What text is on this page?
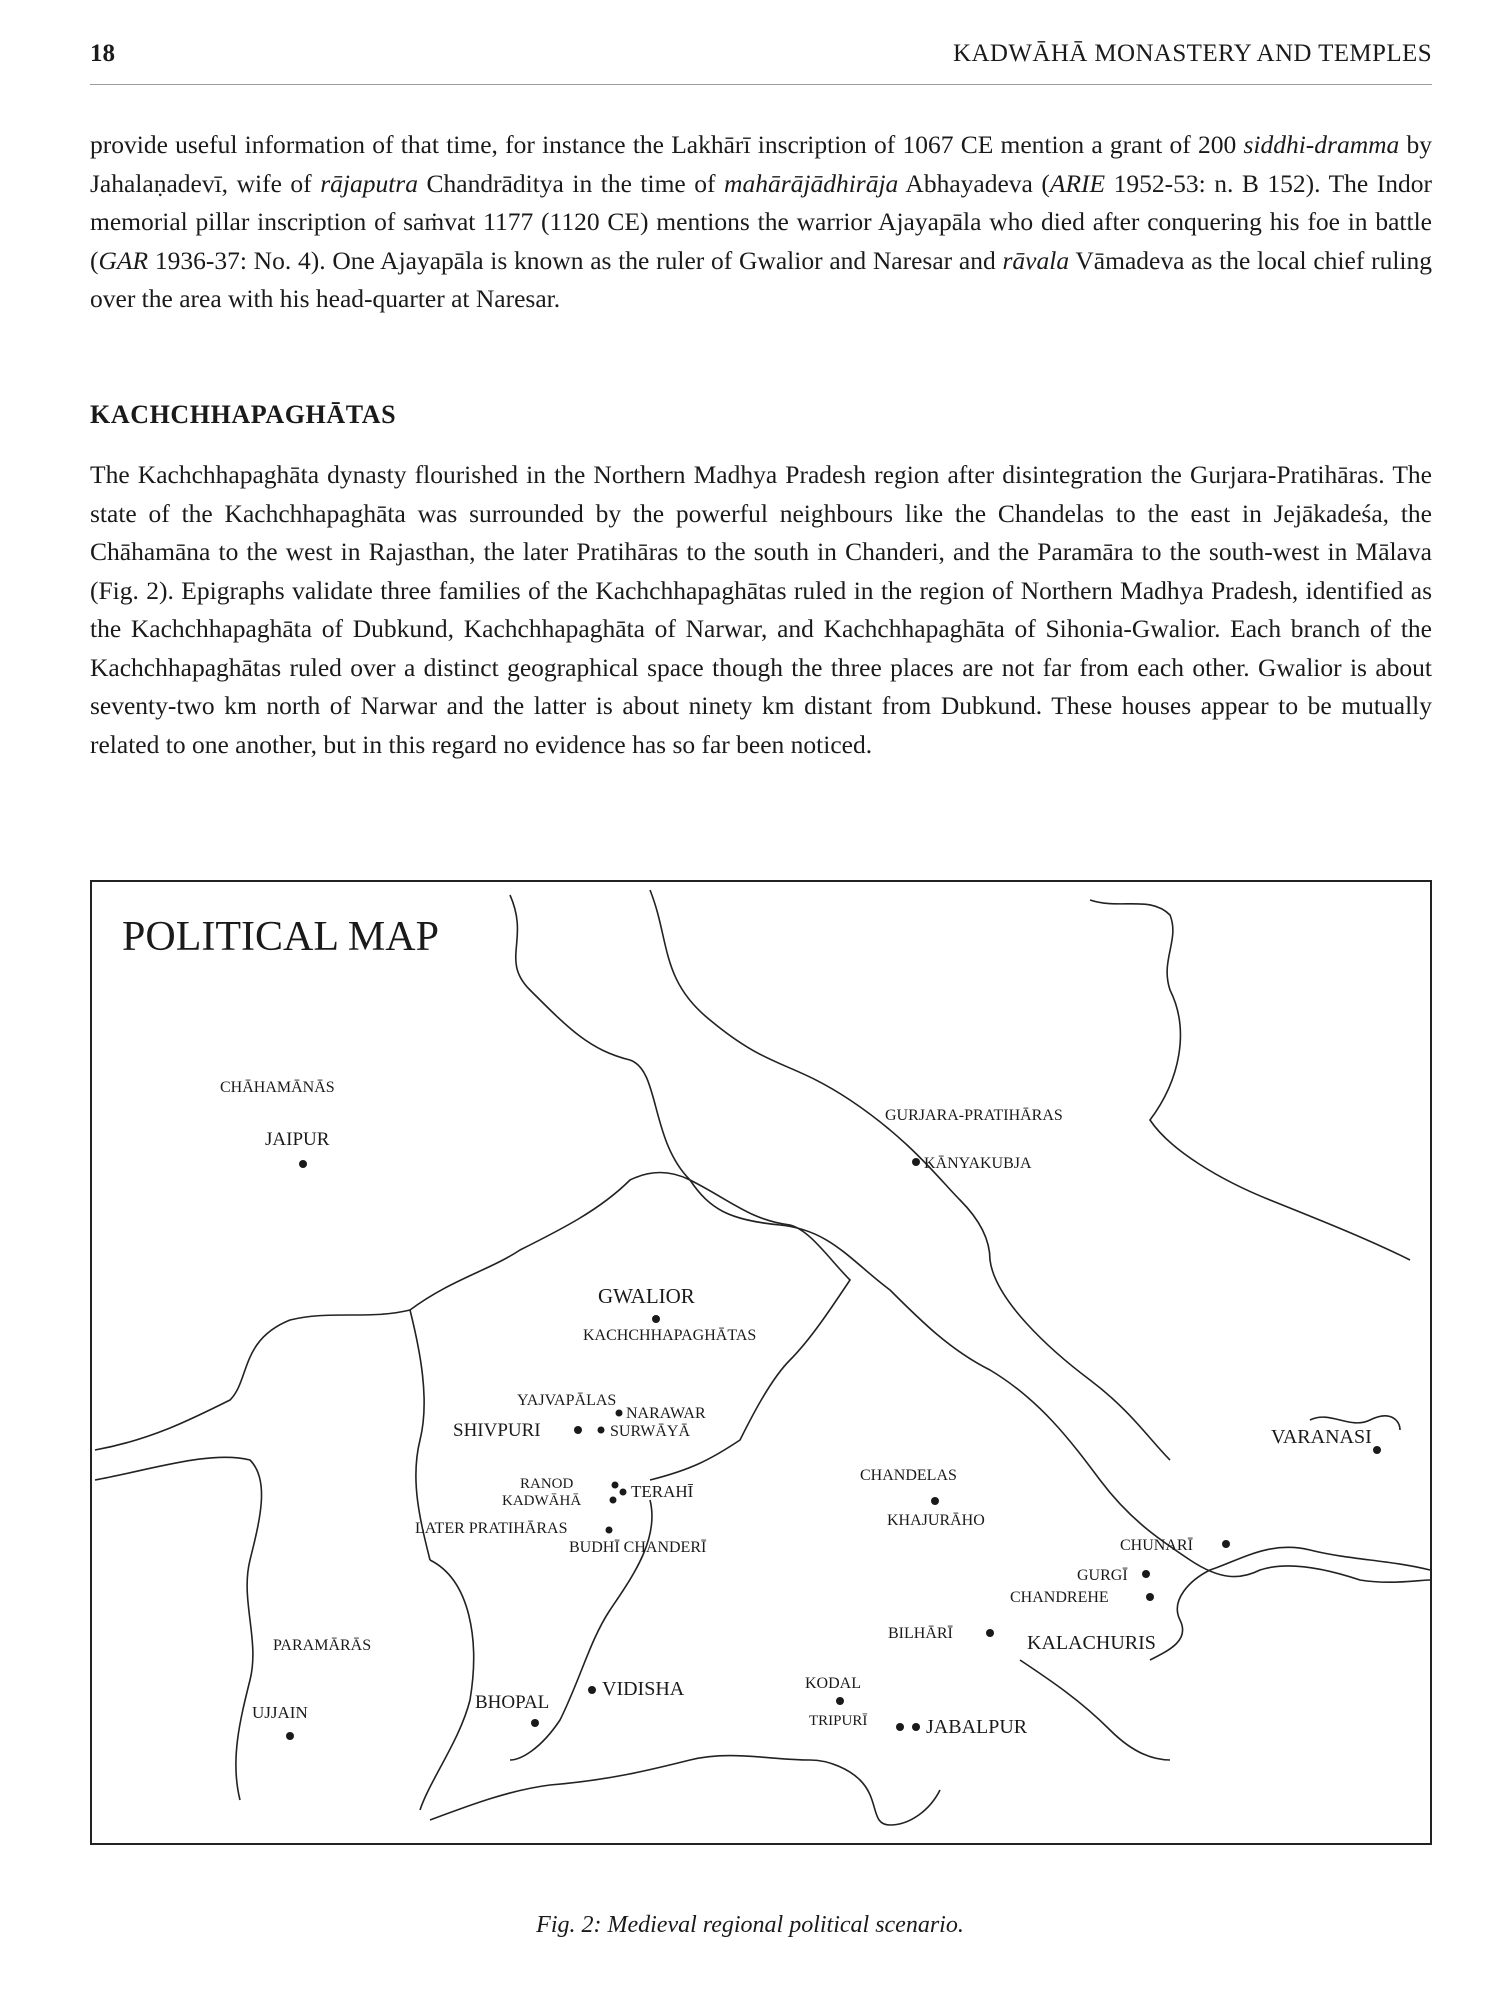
18	KADWĀHĀ MONASTERY AND TEMPLES

provide useful information of that time, for instance the Lakhārī inscription of 1067 CE mention a grant of 200 siddhi-dramma by Jahalaṇadevī, wife of rājaputra Chandrāditya in the time of mahārājādhirāja Abhayadeva (ARIE 1952-53: n. B 152). The Indor memorial pillar inscription of saṁvat 1177 (1120 CE) mentions the warrior Ajayapāla who died after conquering his foe in battle (GAR 1936-37: No. 4). One Ajayapāla is known as the ruler of Gwalior and Naresar and rāvala Vāmadeva as the local chief ruling over the area with his head-quarter at Naresar.

KACHCHHAPAGHĀTAS

The Kachchhapaghāta dynasty flourished in the Northern Madhya Pradesh region after disintegration the Gurjara-Pratihāras. The state of the Kachchhapaghāta was surrounded by the powerful neighbours like the Chandelas to the east in Jejākadeśa, the Chāhamāna to the west in Rajasthan, the later Pratihāras to the south in Chanderi, and the Paramāra to the south-west in Mālava (Fig. 2). Epigraphs validate three families of the Kachchhapaghātas ruled in the region of Northern Madhya Pradesh, identified as the Kachchhapaghāta of Dubkund, Kachchhapaghāta of Narwar, and Kachchhapaghāta of Sihonia-Gwalior. Each branch of the Kachchhapaghātas ruled over a distinct geographical space though the three places are not far from each other. Gwalior is about seventy-two km north of Narwar and the latter is about ninety km distant from Dubkund. These houses appear to be mutually related to one another, but in this regard no evidence has so far been noticed.

POLITICAL MAP
CHĀHAMĀNĀS
GURJARA-PRATIHĀRAS
KACHCHHAPAGHĀTAS
YAJVAPĀLAS
CHANDELAS
LATER PRATIHĀRAS
PARAMĀRĀS	KALACHURIS
JAIPUR
KĀNYAKUBJA
GWALIOR
NARAWAR
SHIVPURI	SURWĀYĀ	VARANASI
RANOD
KADWĀHĀ	TERAHĪ
BUDHĪ CHANDERĪ
KHAJURĀHO
CHUNARĪ
GURGĪ
CHANDREHE
BILHĀRĪ
VIDISHA	KODAL
BHOPAL
UJJAIN	TRIPURĪ	JABALPUR

Fig. 2: Medieval regional political scenario.
